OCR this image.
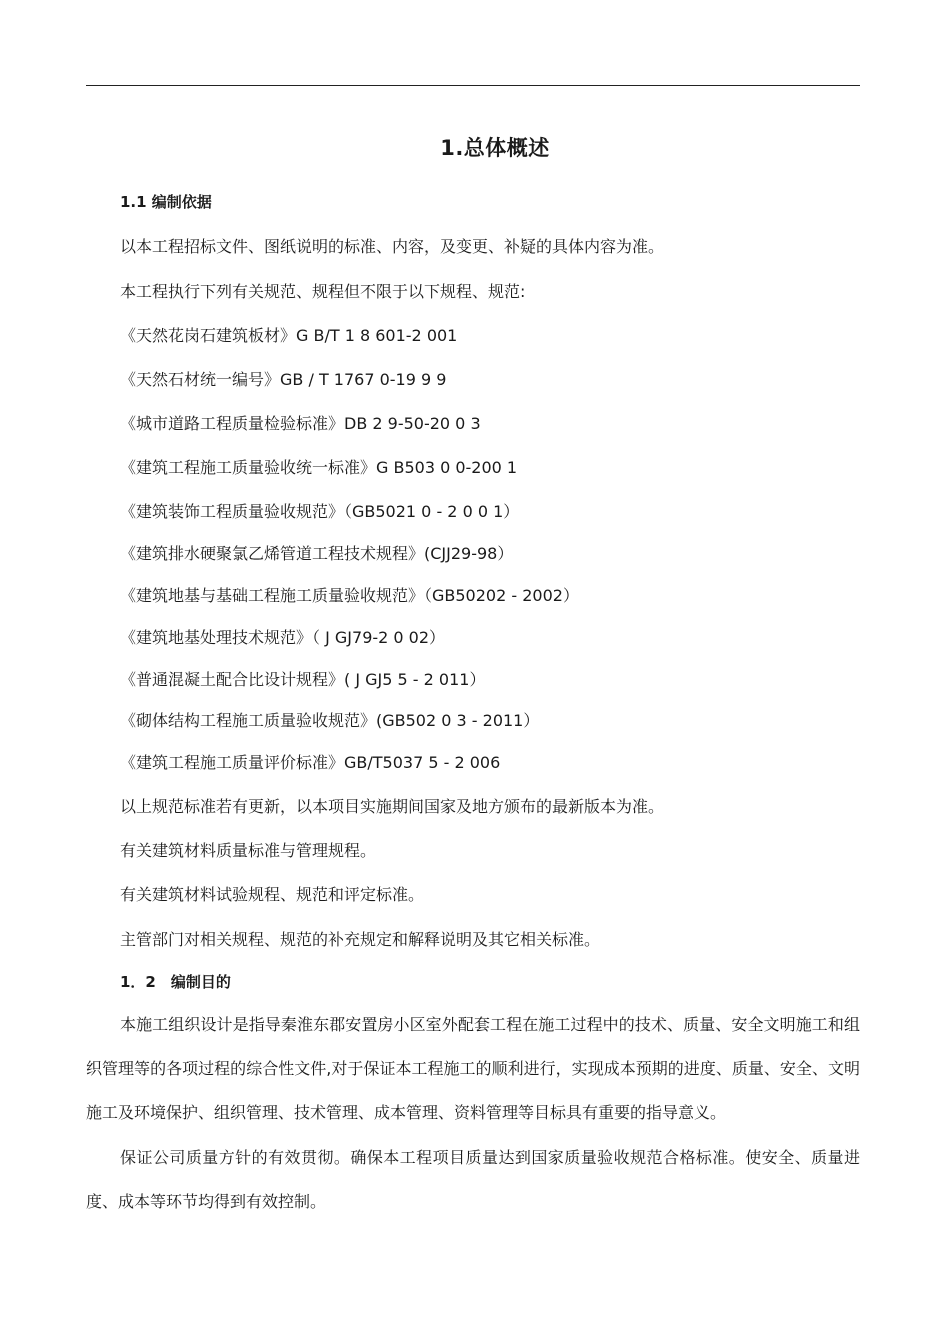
1.总体概述
1.1 编制依据
以本工程招标文件、图纸说明的标准、内容，及变更、补疑的具体内容为准。
本工程执行下列有关规范、规程但不限于以下规程、规范:
《天然花岗石建筑板材》G B/T 1 8 601-2 001
《天然石材统一编号》GB / T 1767 0-19 9 9
《城市道路工程质量检验标准》DB 2 9-50-20 0 3
《建筑工程施工质量验收统一标准》G B503 0 0-200 1
《建筑装饰工程质量验收规范》（GB5021 0 - 2 0 0 1）
《建筑排水硬聚氯乙烯管道工程技术规程》(CJJ29-98）
《建筑地基与基础工程施工质量验收规范》（GB50202 - 2002）
《建筑地基处理技术规范》（ J GJ79-2 0 02）
《普通混凝土配合比设计规程》( J GJ5 5 - 2 011）
《砌体结构工程施工质量验收规范》(GB502 0 3 - 2011）
《建筑工程施工质量评价标准》GB/T5037 5 - 2 006
以上规范标准若有更新，以本项目实施期间国家及地方颁布的最新版本为准。
有关建筑材料质量标准与管理规程。
有关建筑材料试验规程、规范和评定标准。
主管部门对相关规程、规范的补充规定和解释说明及其它相关标准。
1．2　编制目的
本施工组织设计是指导秦淮东郡安置房小区室外配套工程在施工过程中的技术、质量、安全文明施工和组织管理等的各项过程的综合性文件,对于保证本工程施工的顺利进行，实现成本预期的进度、质量、安全、文明施工及环境保护、组织管理、技术管理、成本管理、资料管理等目标具有重要的指导意义。
保证公司质量方针的有效贯彻。确保本工程项目质量达到国家质量验收规范合格标准。使安全、质量进度、成本等环节均得到有效控制。
